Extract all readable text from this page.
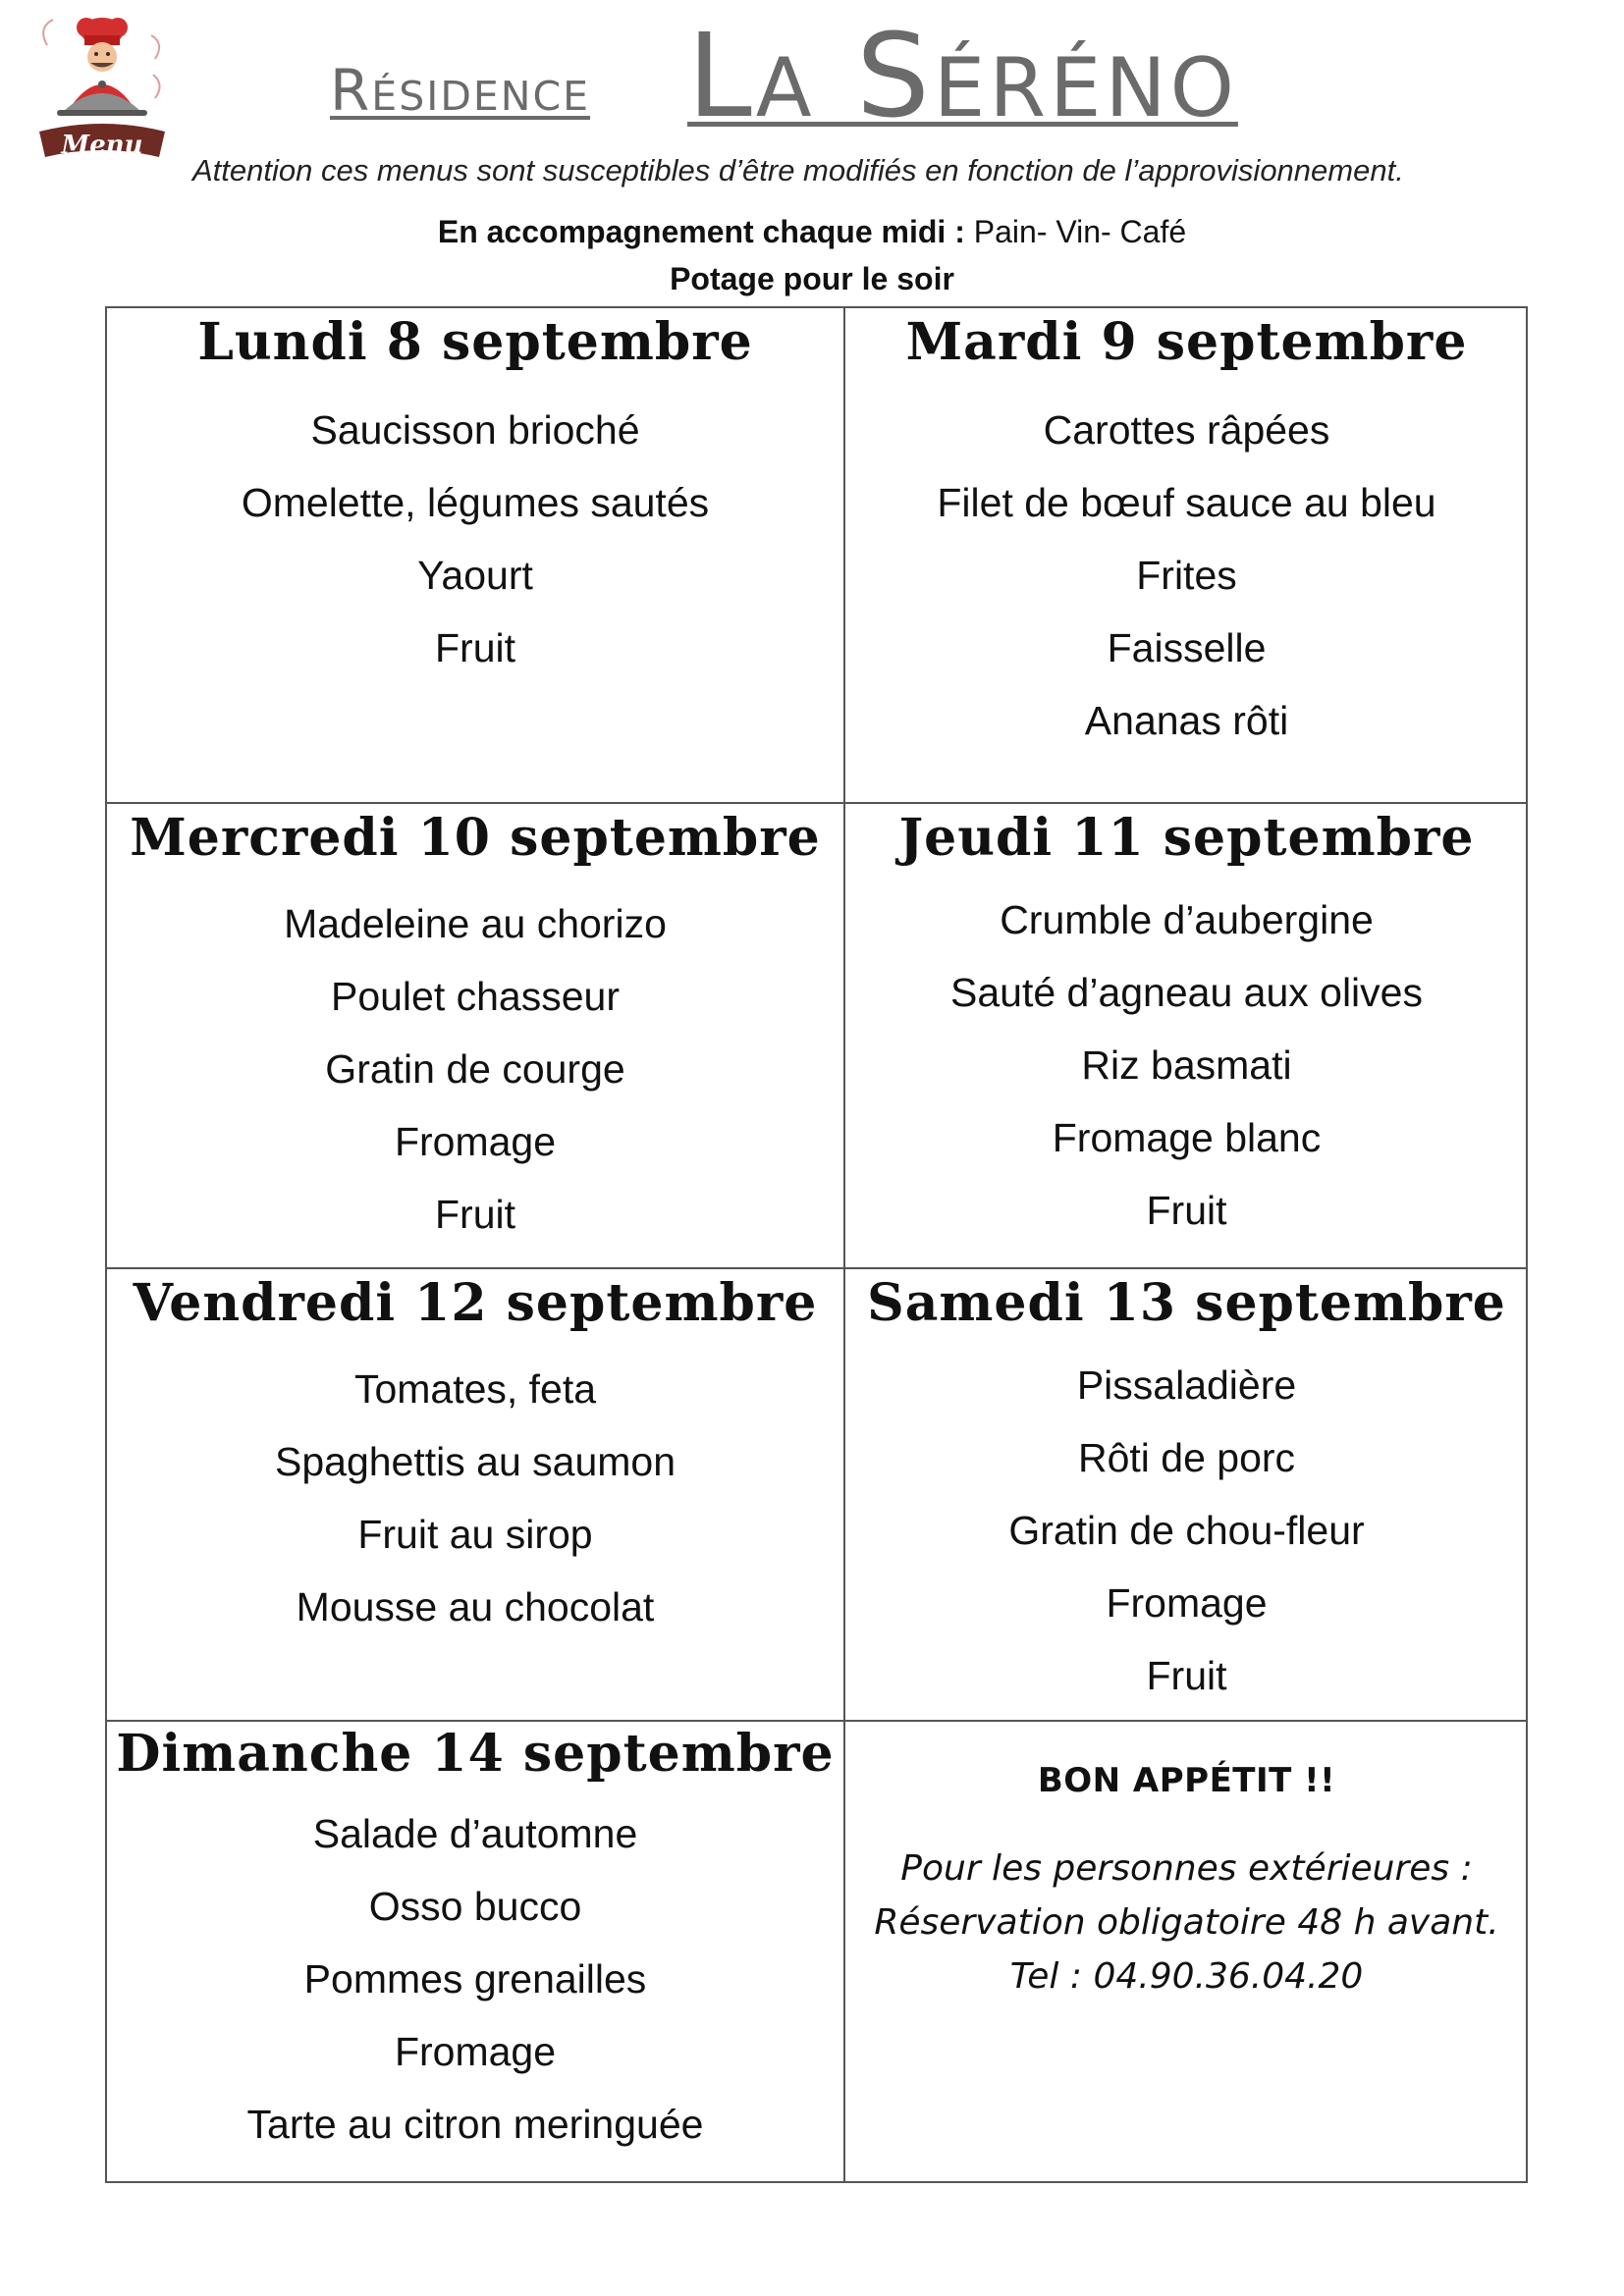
Menu
Résidence La Séréno
Attention ces menus sont susceptibles d’être modifiés en fonction de l’approvisionnement.
En accompagnement chaque midi : Pain- Vin- Café
Potage pour le soir
Lundi 8 septembre
Saucisson brioché
Omelette, légumes sautés
Yaourt
Fruit
Mardi 9 septembre
Carottes râpées
Filet de bœuf sauce au bleu
Frites
Faisselle
Ananas rôti
Mercredi 10 septembre
Madeleine au chorizo
Poulet chasseur
Gratin de courge
Fromage
Fruit
Jeudi 11 septembre
Crumble d’aubergine
Sauté d’agneau aux olives
Riz basmati
Fromage blanc
Fruit
Vendredi 12 septembre
Tomates, feta
Spaghettis au saumon
Fruit au sirop
Mousse au chocolat
Samedi 13 septembre
Pissaladière
Rôti de porc
Gratin de chou-fleur
Fromage
Fruit
Dimanche 14 septembre
Salade d’automne
Osso bucco
Pommes grenailles
Fromage
Tarte au citron meringuée
BON APPÉTIT !!
Pour les personnes extérieures :
Réservation obligatoire 48 h avant.
Tel : 04.90.36.04.20
